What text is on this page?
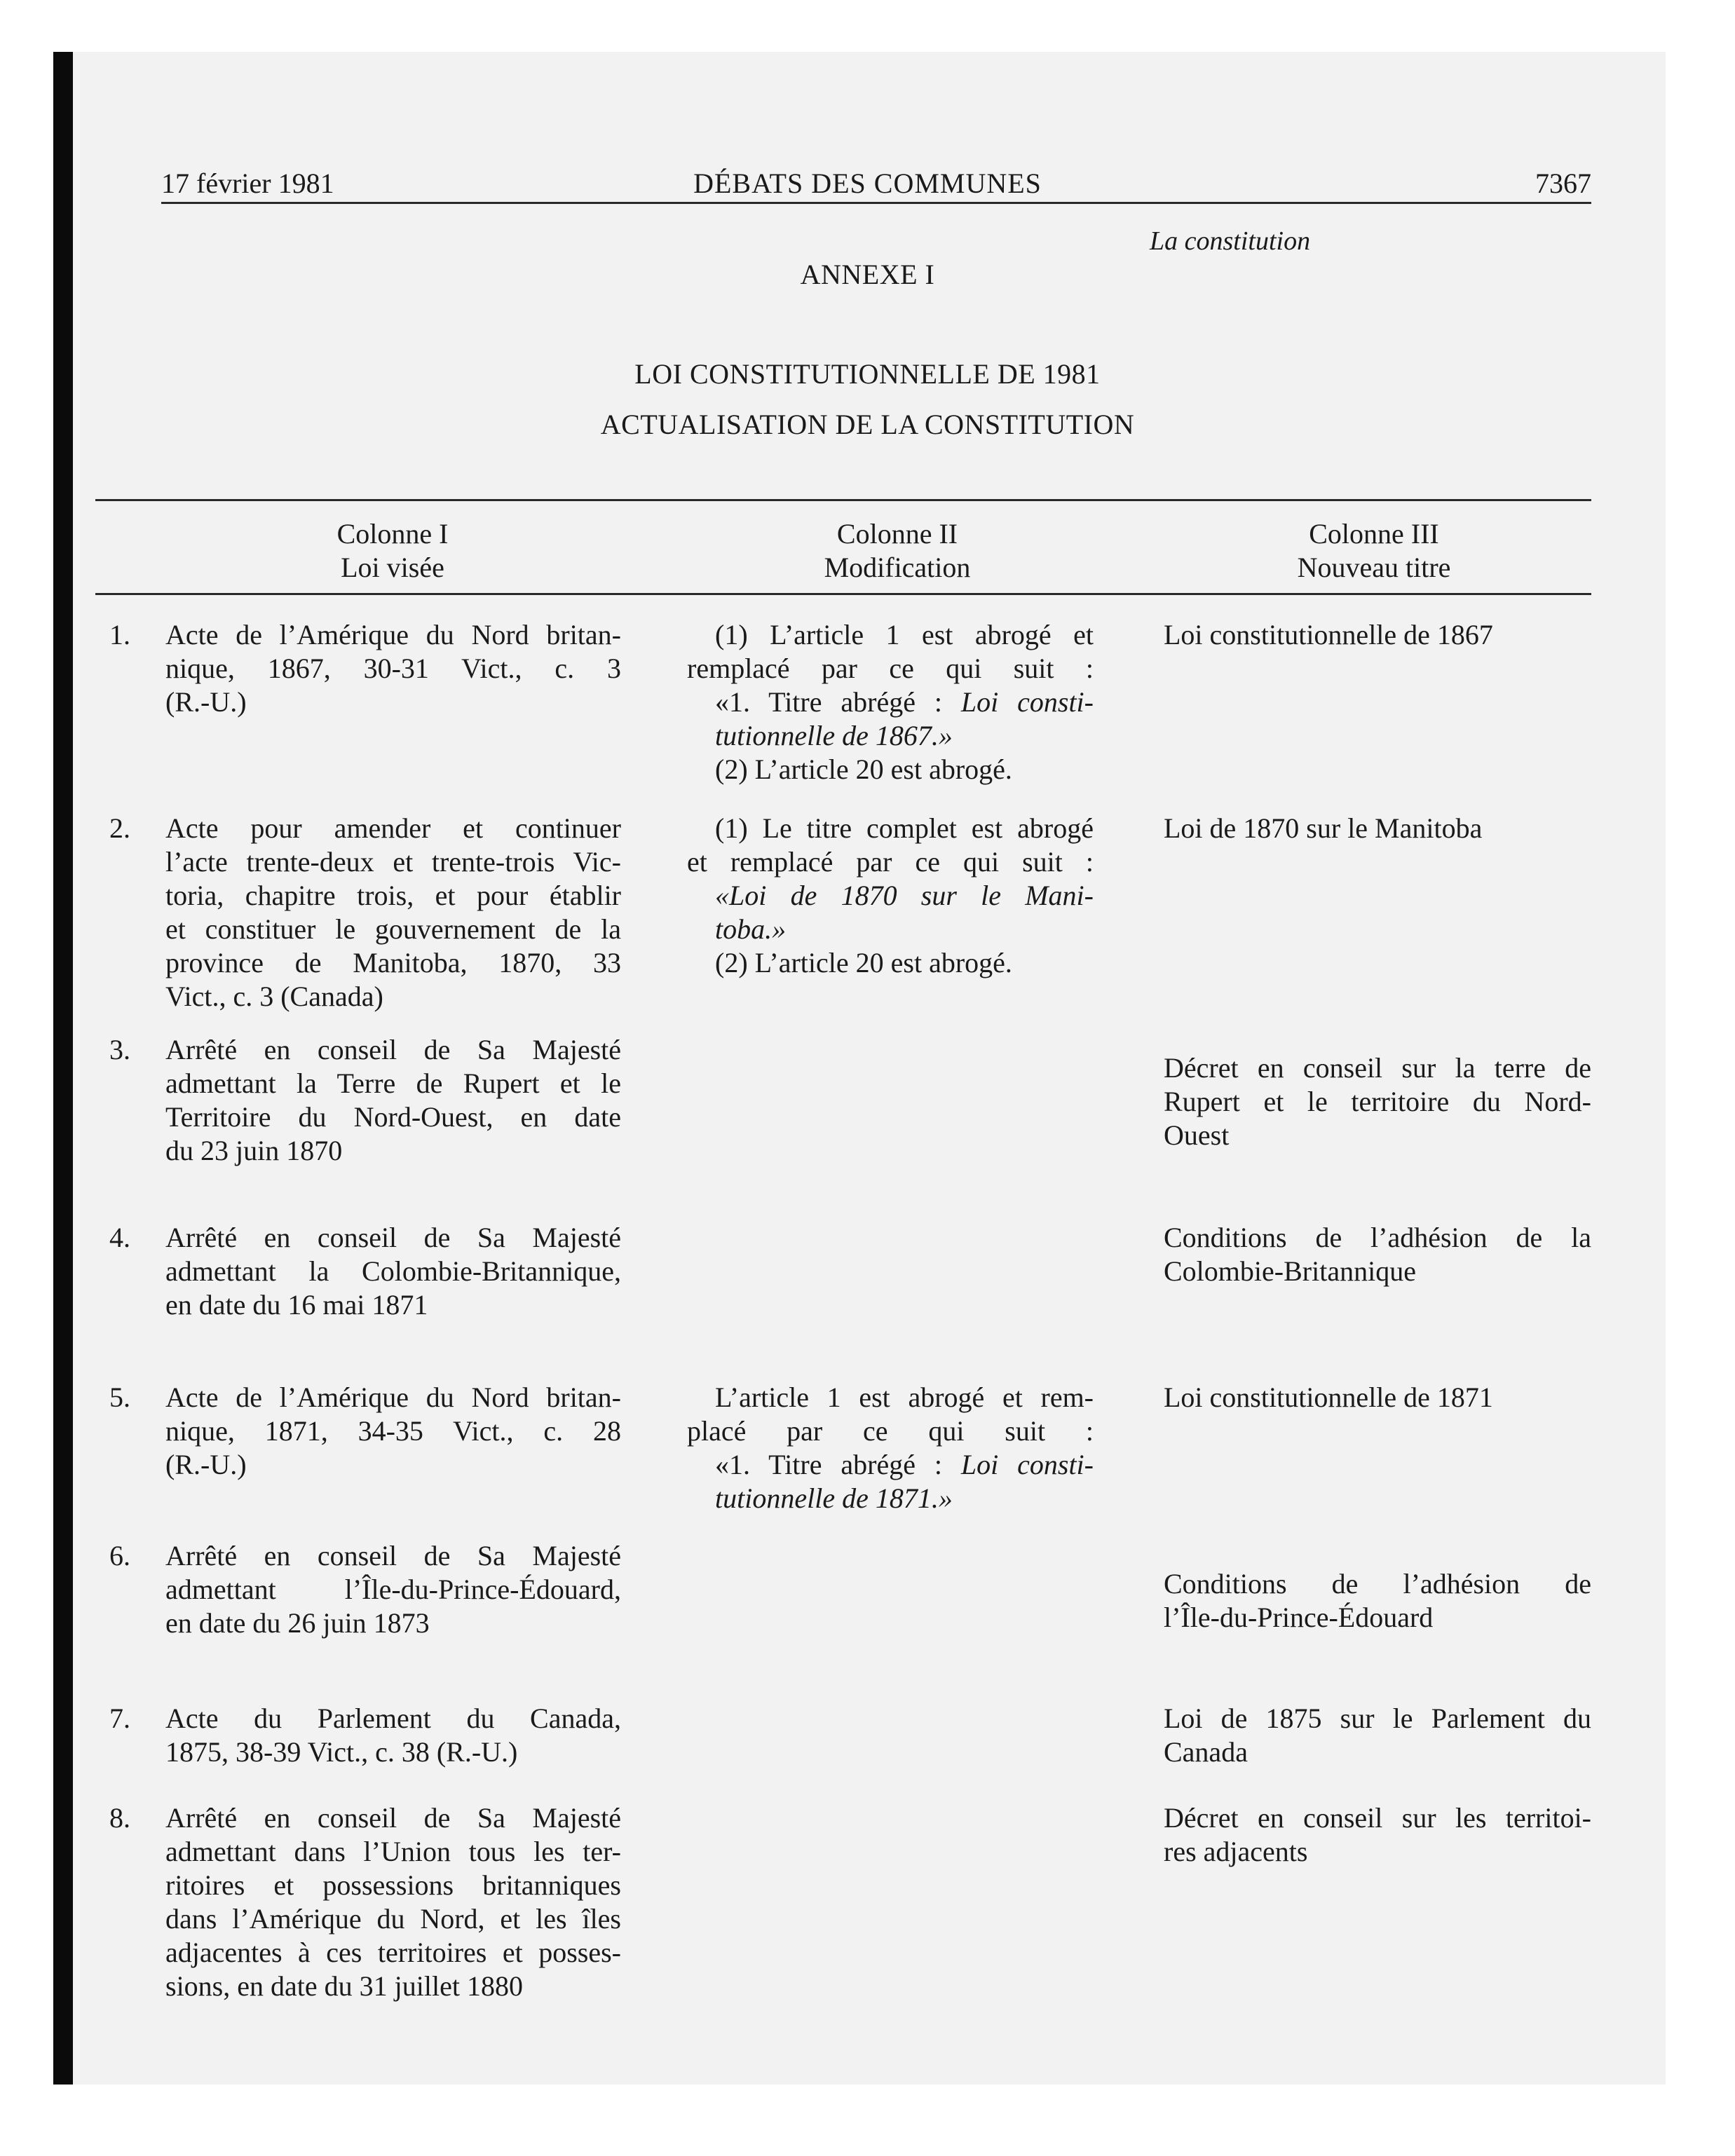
17 février 1981	DÉBATS DES COMMUNES	7367
La constitution
ANNEXE I
LOI CONSTITUTIONNELLE DE 1981
ACTUALISATION DE LA CONSTITUTION
Colonne I
Loi visée
Colonne II
Modification
Colonne III
Nouveau titre
1. Acte de l’Amérique du Nord britan-
nique, 1867, 30-31 Vict., c. 3
(R.-U.)
(1) L’article 1 est abrogé et
remplacé par ce qui suit :
«1. Titre abrégé : Loi consti-
tutionnelle de 1867.»
(2) L’article 20 est abrogé.
Loi constitutionnelle de 1867
2. Acte pour amender et continuer
l’acte trente-deux et trente-trois Vic-
toria, chapitre trois, et pour établir
et constituer le gouvernement de la
province de Manitoba, 1870, 33
Vict., c. 3 (Canada)
(1) Le titre complet est abrogé
et remplacé par ce qui suit :
«Loi de 1870 sur le Mani-
toba.»
(2) L’article 20 est abrogé.
Loi de 1870 sur le Manitoba
3. Arrêté en conseil de Sa Majesté
admettant la Terre de Rupert et le
Territoire du Nord-Ouest, en date
du 23 juin 1870
Décret en conseil sur la terre de
Rupert et le territoire du Nord-
Ouest
4. Arrêté en conseil de Sa Majesté
admettant la Colombie-Britannique,
en date du 16 mai 1871
Conditions de l’adhésion de la
Colombie-Britannique
5. Acte de l’Amérique du Nord britan-
nique, 1871, 34-35 Vict., c. 28
(R.-U.)
L’article 1 est abrogé et rem-
placé par ce qui suit :
«1. Titre abrégé : Loi consti-
tutionnelle de 1871.»
Loi constitutionnelle de 1871
6. Arrêté en conseil de Sa Majesté
admettant l’Île-du-Prince-Édouard,
en date du 26 juin 1873
Conditions de l’adhésion de
l’Île-du-Prince-Édouard
7. Acte du Parlement du Canada,
1875, 38-39 Vict., c. 38 (R.-U.)
Loi de 1875 sur le Parlement du
Canada
8. Arrêté en conseil de Sa Majesté
admettant dans l’Union tous les ter-
ritoires et possessions britanniques
dans l’Amérique du Nord, et les îles
adjacentes à ces territoires et posses-
sions, en date du 31 juillet 1880
Décret en conseil sur les territoi-
res adjacents
